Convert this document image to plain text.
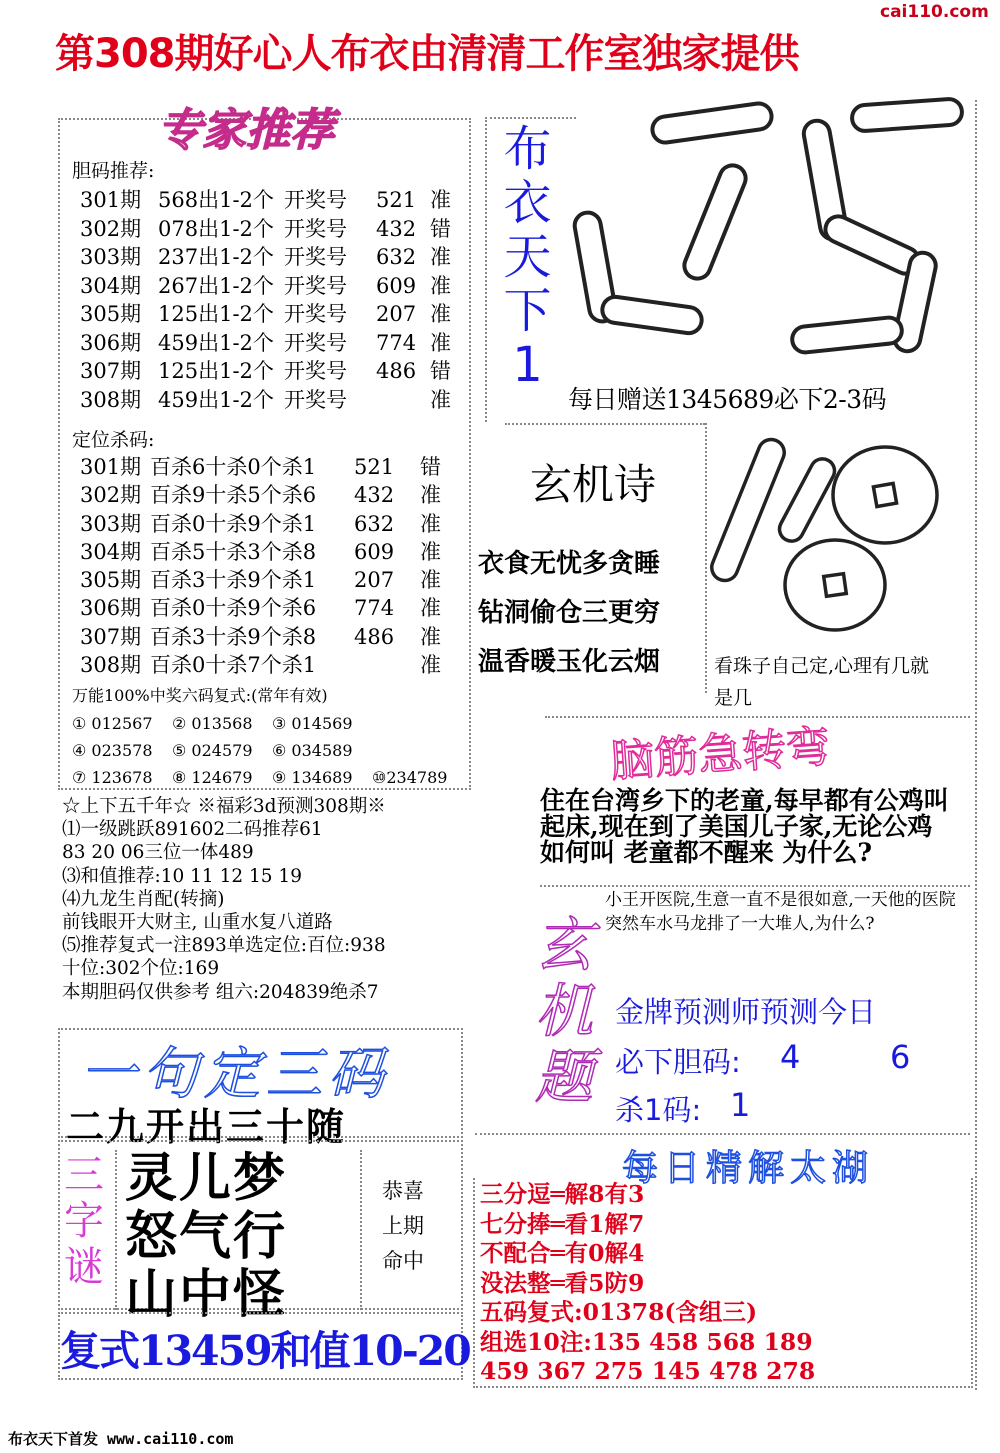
cai110.com
第308期好心人布衣由清清工作室独家提供
专家推荐
胆码推荐:
301期 568出1-2个 开奖号	521 准
302期 078出1-2个 开奖号	432 错
303期 237出1-2个 开奖号	632 准
304期 267出1-2个 开奖号	609 准
305期 125出1-2个 开奖号	207 准
306期 459出1-2个 开奖号	774 准
307期 125出1-2个 开奖号	486 错
308期 459出1-2个 开奖号	准
定位杀码:
301期 百杀6十杀0个杀1	521	错
302期 百杀9十杀5个杀6	432	准
303期 百杀0十杀9个杀1	632	准
304期 百杀5十杀3个杀8	609	准
305期 百杀3十杀9个杀1	207	准
306期 百杀0十杀9个杀6	774	准
307期 百杀3十杀9个杀8	486	准
308期 百杀0十杀7个杀1	准
万能100%中奖六码复式:(常年有效)
① 012567	② 013568	③ 014569
④ 023578	⑤ 024579	⑥ 034589
⑦ 123678	⑧ 124679	⑨ 134689	⑩234789
☆上下五千年☆ ※福彩3d预测308期※
⑴一级跳跃891602二码推荐61
83 20 06三位一体489
⑶和值推荐:10 11 12 15 19
⑷九龙生肖配(转摘)
前钱眼开大财主, 山重水复八道路
⑸推荐复式一注893单选定位:百位:938
十位:302个位:169
本期胆码仅供参考 组六:204839绝杀7
一句定三码
二九开出三十随
三
字
谜
灵儿梦
怒气行
山中怪
恭喜
上期
命中
复式13459和值10-20
布衣天下首发 www.cai110.com
布
衣
天
下
1
每日赠送1345689必下2-3码
玄机诗
衣食无忧多贪睡
钻洞偷仓三更穷
温香暖玉化云烟	看珠子自己定,心理有几就是几
脑筋急转弯
住在台湾乡下的老童,每早都有公鸡叫起床,现在到了美国儿子家,无论公鸡如何叫 老童都不醒来 为什么?
玄
机
题
小王开医院,生意一直不是很如意,一天他的医院突然车水马龙排了一大堆人,为什么?
金牌预测师预测今日
必下胆码: 4	6
杀1码: 1
每日精解太湖
三分逗═解8有3
七分捧═看1解7
不配合═有0解4
没法整═看5防9
五码复式:01378(含组三)
组选10注:135 458 568 189
459 367 275 145 478 278
